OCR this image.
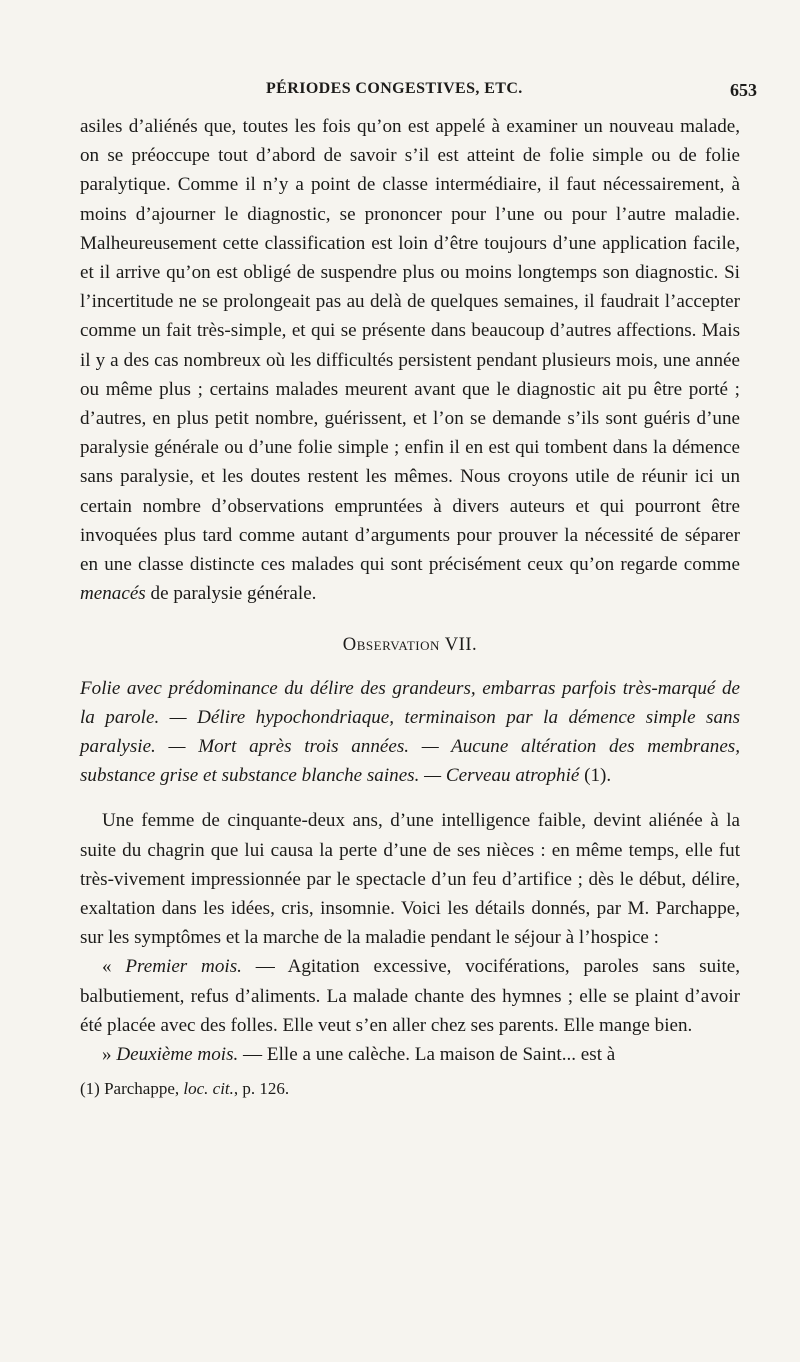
PÉRIODES CONGESTIVES, ETC.	653

asiles d’aliénés que, toutes les fois qu’on est appelé à examiner un nouveau malade, on se préoccupe tout d’abord de savoir s’il est atteint de folie simple ou de folie paralytique. Comme il n’y a point de classe intermédiaire, il faut nécessairement, à moins d’ajourner le diagnostic, se prononcer pour l’une ou pour l’autre maladie. Malheureusement cette classification est loin d’être toujours d’une application facile, et il arrive qu’on est obligé de suspendre plus ou moins longtemps son diagnostic. Si l’incertitude ne se prolongeait pas au delà de quelques semaines, il faudrait l’accepter comme un fait très-simple, et qui se présente dans beaucoup d’autres affections. Mais il y a des cas nombreux où les difficultés persistent pendant plusieurs mois, une année ou même plus ; certains malades meurent avant que le diagnostic ait pu être porté ; d’autres, en plus petit nombre, guérissent, et l’on se demande s’ils sont guéris d’une paralysie générale ou d’une folie simple ; enfin il en est qui tombent dans la démence sans paralysie, et les doutes restent les mêmes. Nous croyons utile de réunir ici un certain nombre d’observations empruntées à divers auteurs et qui pourront être invoquées plus tard comme autant d’arguments pour prouver la nécessité de séparer en une classe distincte ces malades qui sont précisément ceux qu’on regarde comme menacés de paralysie générale.

Observation VII.

Folie avec prédominance du délire des grandeurs, embarras parfois très-marqué de la parole. — Délire hypochondriaque, terminaison par la démence simple sans paralysie. — Mort après trois années. — Aucune altération des membranes, substance grise et substance blanche saines. — Cerveau atrophié (1).

Une femme de cinquante-deux ans, d’une intelligence faible, devint aliénée à la suite du chagrin que lui causa la perte d’une de ses nièces : en même temps, elle fut très-vivement impressionnée par le spectacle d’un feu d’artifice ; dès le début, délire, exaltation dans les idées, cris, insomnie. Voici les détails donnés, par M. Parchappe, sur les symptômes et la marche de la maladie pendant le séjour à l’hospice :

« Premier mois. — Agitation excessive, vociférations, paroles sans suite, balbutiement, refus d’aliments. La malade chante des hymnes ; elle se plaint d’avoir été placée avec des folles. Elle veut s’en aller chez ses parents. Elle mange bien.

» Deuxième mois. — Elle a une calèche. La maison de Saint... est à

(1) Parchappe, loc. cit., p. 126.
